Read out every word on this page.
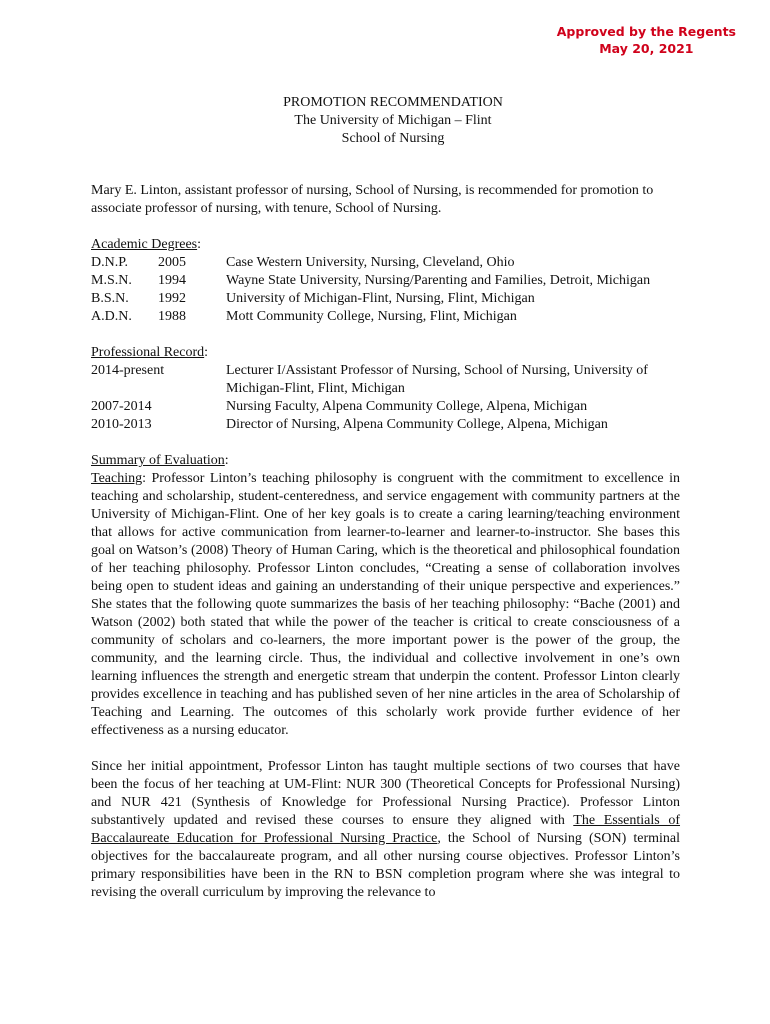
Approved by the Regents
May 20, 2021
PROMOTION RECOMMENDATION
The University of Michigan – Flint
School of Nursing

Mary E. Linton, assistant professor of nursing, School of Nursing, is recommended for promotion to associate professor of nursing, with tenure, School of Nursing.

Academic Degrees:
D.N.P.	2005	Case Western University, Nursing, Cleveland, Ohio
M.S.N.	1994	Wayne State University, Nursing/Parenting and Families, Detroit, Michigan
B.S.N.	1992	University of Michigan-Flint, Nursing, Flint, Michigan
A.D.N.	1988	Mott Community College, Nursing, Flint, Michigan
Professional Record:
2014-present	Lecturer I/Assistant Professor of Nursing, School of Nursing, University of Michigan-Flint, Flint, Michigan
2007-2014	Nursing Faculty, Alpena Community College, Alpena, Michigan
2010-2013	Director of Nursing, Alpena Community College, Alpena, Michigan
Summary of Evaluation:

Teaching: Professor Linton’s teaching philosophy is congruent with the commitment to excellence in teaching and scholarship, student-centeredness, and service engagement with community partners at the University of Michigan-Flint. One of her key goals is to create a caring learning/teaching environment that allows for active communication from learner-to-learner and learner-to-instructor. She bases this goal on Watson’s (2008) Theory of Human Caring, which is the theoretical and philosophical foundation of her teaching philosophy. Professor Linton concludes, “Creating a sense of collaboration involves being open to student ideas and gaining an understanding of their unique perspective and experiences.” She states that the following quote summarizes the basis of her teaching philosophy: “Bache (2001) and Watson (2002) both stated that while the power of the teacher is critical to create consciousness of a community of scholars and co-learners, the more important power is the power of the group, the community, and the learning circle. Thus, the individual and collective involvement in one’s own learning influences the strength and energetic stream that underpin the content. Professor Linton clearly provides excellence in teaching and has published seven of her nine articles in the area of Scholarship of Teaching and Learning. The outcomes of this scholarly work provide further evidence of her effectiveness as a nursing educator.

Since her initial appointment, Professor Linton has taught multiple sections of two courses that have been the focus of her teaching at UM-Flint: NUR 300 (Theoretical Concepts for Professional Nursing) and NUR 421 (Synthesis of Knowledge for Professional Nursing Practice). Professor Linton substantively updated and revised these courses to ensure they aligned with The Essentials of Baccalaureate Education for Professional Nursing Practice, the School of Nursing (SON) terminal objectives for the baccalaureate program, and all other nursing course objectives. Professor Linton’s primary responsibilities have been in the RN to BSN completion program where she was integral to revising the overall curriculum by improving the relevance to
